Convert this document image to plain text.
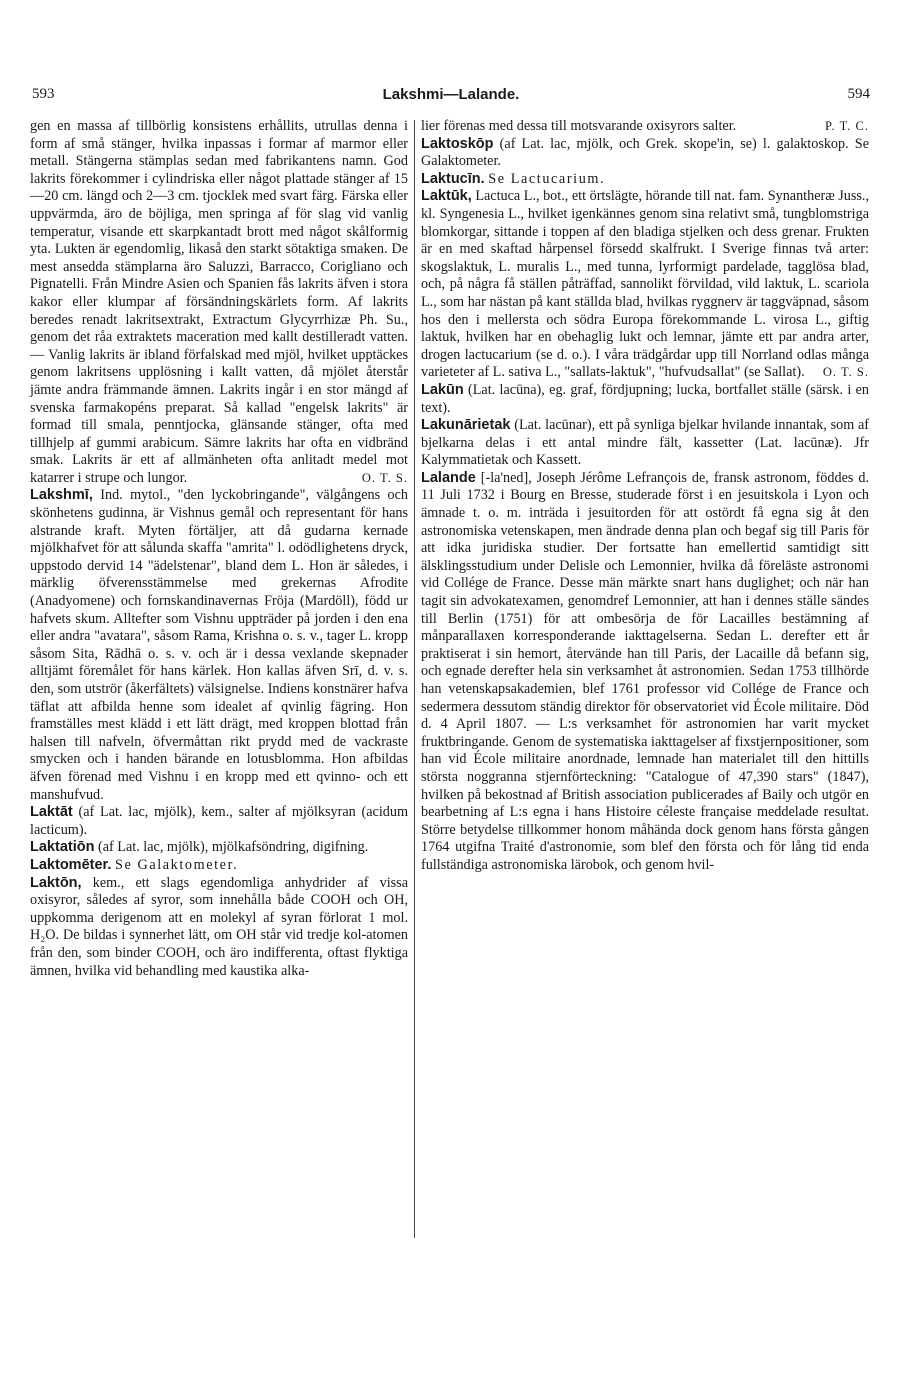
593	Lakshmi—Lalande.	594

gen en massa af tillbörlig konsistens erhållits, utrullas denna i form af små stänger, hvilka inpassas i formar af marmor eller metall. Stängerna stämplas sedan med fabrikantens namn. God lakrits förekommer i cylindriska eller något plattade stänger af 15—20 cm. längd och 2—3 cm. tjocklek med svart färg. Färska eller uppvärmda, äro de böjliga, men springa af för slag vid vanlig temperatur, visande ett skarpkantadt brott med något skålformig yta. Lukten är egendomlig, likaså den starkt sötaktiga smaken. De mest ansedda stämplarna äro Saluzzi, Barracco, Corigliano och Pignatelli. Från Mindre Asien och Spanien fås lakrits äfven i stora kakor eller klumpar af försändningskärlets form. Af lakrits beredes renadt lakritsextrakt, Extractum Glycyrrhizæ Ph. Su., genom det råa extraktets maceration med kallt destilleradt vatten. — Vanlig lakrits är ibland förfalskad med mjöl, hvilket upptäckes genom lakritsens upplösning i kallt vatten, då mjölet återstår jämte andra främmande ämnen. Lakrits ingår i en stor mängd af svenska farmakopéns preparat. Så kallad "engelsk lakrits" är formad till smala, penntjocka, glänsande stänger, ofta med tillhjelp af gummi arabicum. Sämre lakrits har ofta en vidbränd smak. Lakrits är ett af allmänheten ofta anlitadt medel mot katarrer i strupe och lungor.	O. T. S.

Lakshmī, Ind. mytol., "den lyckobringande", välgångens och skönhetens gudinna, är Vishnus gemål och representant för hans alstrande kraft. Myten förtäljer, att då gudarna kernade mjölkhafvet för att sålunda skaffa "amrita" l. odödlighetens dryck, uppstodo dervid 14 "ädelstenar", bland dem L. Hon är således, i märklig öfverensstämmelse med grekernas Afrodite (Anadyomene) och fornskandinavernas Fröja (Mardöll), född ur hafvets skum. Alltefter som Vishnu uppträder på jorden i den ena eller andra "avatara", såsom Rama, Krishna o. s. v., tager L. kropp såsom Sita, Rādhā o. s. v. och är i dessa vexlande skepnader alltjämt föremålet för hans kärlek. Hon kallas äfven Srī, d. v. s. den, som utströr (åkerfältets) välsignelse. Indiens konstnärer hafva täflat att afbilda henne som idealet af qvinlig fägring. Hon framställes mest klädd i ett lätt drägt, med kroppen blottad från halsen till nafveln, öfvermåttan rikt prydd med de vackraste smycken och i handen bärande en lotusblomma. Hon afbildas äfven förenad med Vishnu i en kropp med ett qvinno- och ett manshufvud.

Laktāt (af Lat. lac, mjölk), kem., salter af mjölksyran (acidum lacticum).

Laktatiōn (af Lat. lac, mjölk), mjölkafsöndring, digifning.

Laktomēter. Se Galaktometer.

Laktōn, kem., ett slags egendomliga anhydrider af vissa oxisyror, således af syror, som innehålla både COOH och OH, uppkomma derigenom att en molekyl af syran förlorat 1 mol. H₂O. De bildas i synnerhet lätt, om OH står vid tredje kol-atomen från den, som binder COOH, och äro indifferenta, oftast flyktiga ämnen, hvilka vid behandling med kaustika alka-

lier förenas med dessa till motsvarande oxisyrors salter.	P. T. C.

Laktoskōp (af Lat. lac, mjölk, och Grek. skope'in, se) l. galaktoskop. Se Galaktometer.

Laktucīn. Se Lactucarium.

Laktūk, Lactuca L., bot., ett örtslägte, hörande till nat. fam. Synantheræ Juss., kl. Syngenesia L., hvilket igenkännes genom sina relativt små, tungblomstriga blomkorgar, sittande i toppen af den bladiga stjelken och dess grenar. Frukten är en med skaftad hårpensel försedd skalfrukt. I Sverige finnas två arter: skogslaktuk, L. muralis L., med tunna, lyrformigt pardelade, tagglösa blad, och, på några få ställen påträffad, sannolikt förvildad, vild laktuk, L. scariola L., som har nästan på kant ställda blad, hvilkas ryggnerv är taggväpnad, såsom hos den i mellersta och södra Europa förekommande L. virosa L., giftig laktuk, hvilken har en obehaglig lukt och lemnar, jämte ett par andra arter, drogen lactucarium (se d. o.). I våra trädgårdar upp till Norrland odlas många varieteter af L. sativa L., "sallats-laktuk", "hufvudsallat" (se Sallat). O. T. S.

Lakūn (Lat. lacūna), eg. graf, fördjupning; lucka, bortfallet ställe (särsk. i en text).

Lakunārietak (Lat. lacūnar), ett på synliga bjelkar hvilande innantak, som af bjelkarna delas i ett antal mindre fält, kassetter (Lat. lacūnæ). Jfr Kalymmatietak och Kassett.

Lalande [-la'ned], Joseph Jérôme Lefrançois de, fransk astronom, föddes d. 11 Juli 1732 i Bourg en Bresse, studerade först i en jesuitskola i Lyon och ämnade t. o. m. inträda i jesuitorden för att ostördt få egna sig åt den astronomiska vetenskapen, men ändrade denna plan och begaf sig till Paris för att idka juridiska studier. Der fortsatte han emellertid samtidigt sitt älsklingsstudium under Delisle och Lemonnier, hvilka då föreläste astronomi vid Collége de France. Desse män märkte snart hans duglighet; och när han tagit sin advokatexamen, genomdref Lemonnier, att han i dennes ställe sändes till Berlin (1751) för att ombesörja de för Lacailles bestämning af månparallaxen korresponderande iakttagelserna. Sedan L. derefter ett år praktiserat i sin hemort, återvände han till Paris, der Lacaille då befann sig, och egnade derefter hela sin verksamhet åt astronomien. Sedan 1753 tillhörde han vetenskapsakademien, blef 1761 professor vid Collége de France och sedermera dessutom ständig direktor för observatoriet vid École militaire. Död d. 4 April 1807. — L:s verksamhet för astronomien har varit mycket fruktbringande. Genom de systematiska iakttagelser af fixstjernpositioner, som han vid École militaire anordnade, lemnade han materialet till den hittills största noggranna stjernförteckning: "Catalogue of 47,390 stars" (1847), hvilken på bekostnad af British association publicerades af Baily och utgör en bearbetning af L:s egna i hans Histoire céleste française meddelade resultat. Större betydelse tillkommer honom måhända dock genom hans första gången 1764 utgifna Traité d'astronomie, som blef den första och för lång tid enda fullständiga astronomiska lärobok, och genom hvil-
